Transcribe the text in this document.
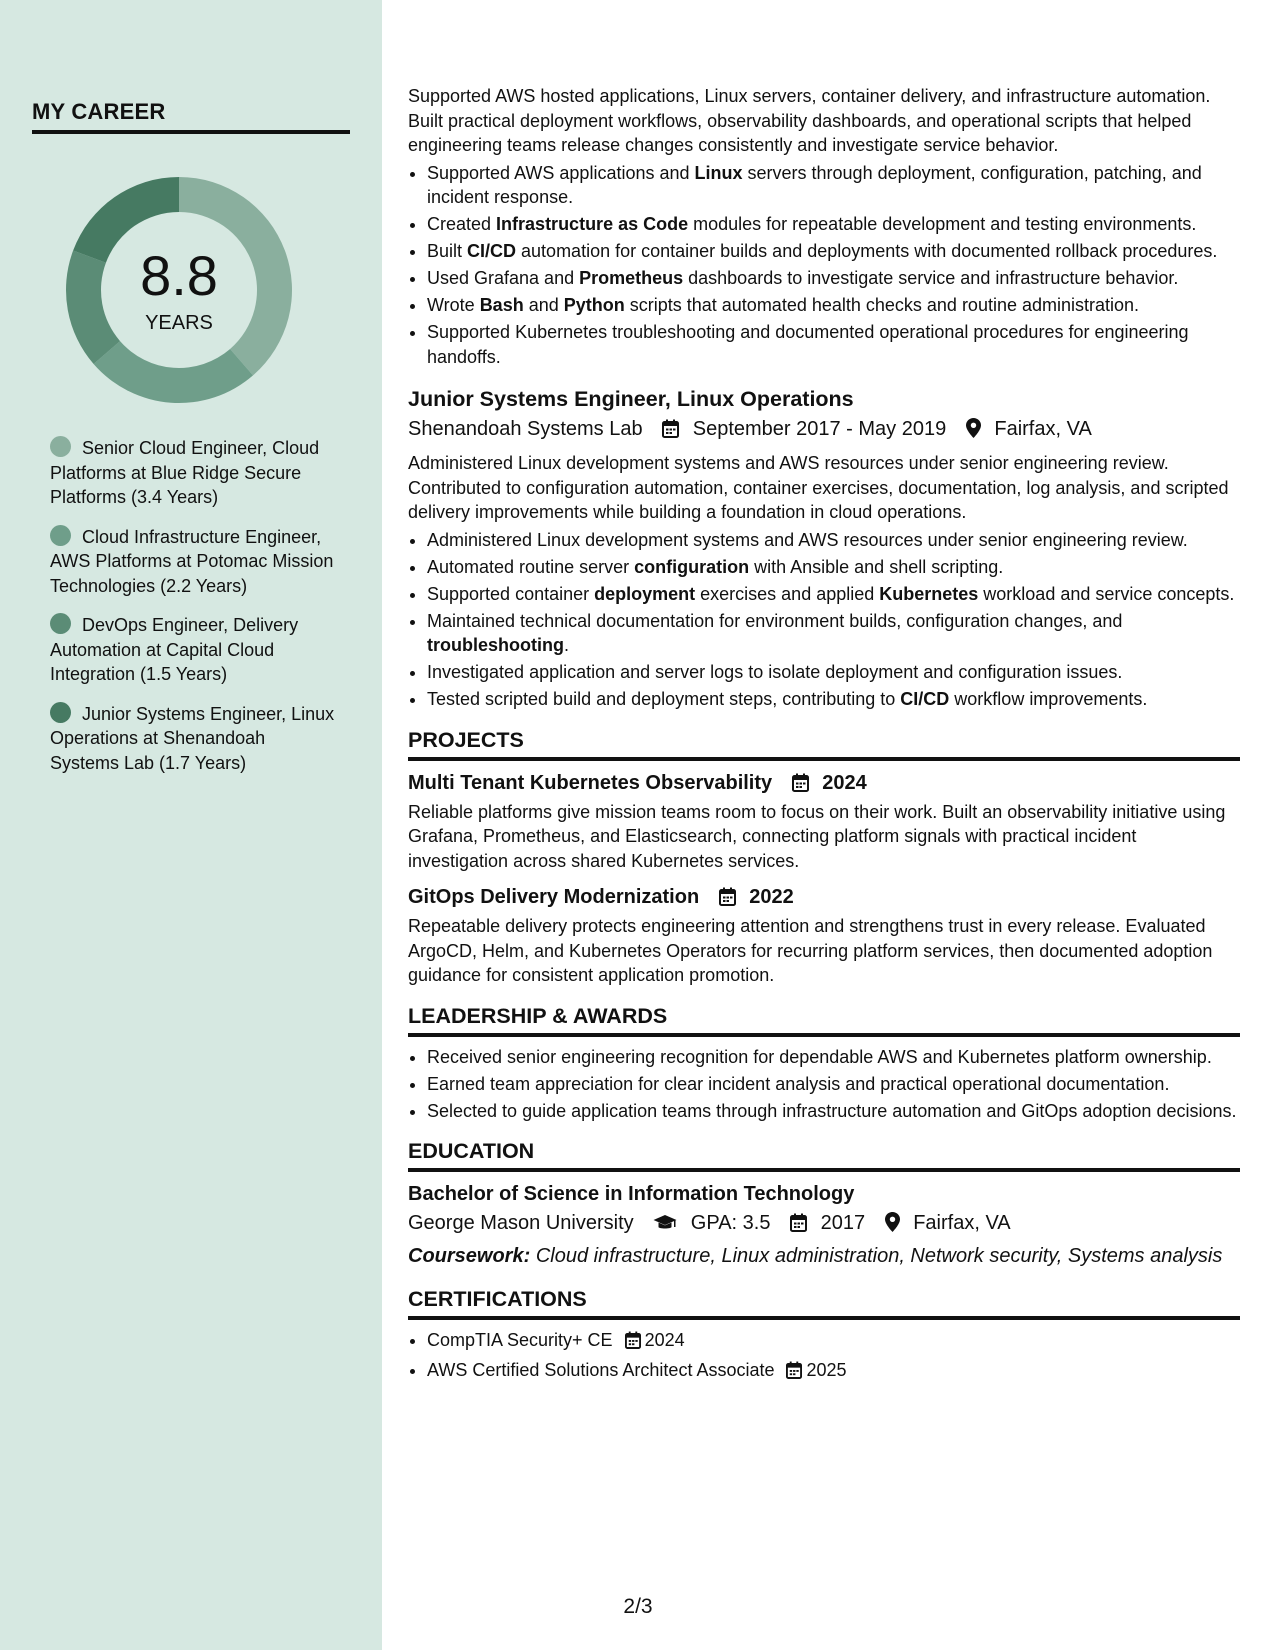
MY CAREER
8.8
YEARS
Senior Cloud Engineer, Cloud Platforms at Blue Ridge Secure Platforms (3.4 Years)
Cloud Infrastructure Engineer, AWS Platforms at Potomac Mission Technologies (2.2 Years)
DevOps Engineer, Delivery Automation at Capital Cloud Integration (1.5 Years)
Junior Systems Engineer, Linux Operations at Shenandoah Systems Lab (1.7 Years)

Supported AWS hosted applications, Linux servers, container delivery, and infrastructure automation. Built practical deployment workflows, observability dashboards, and operational scripts that helped engineering teams release changes consistently and investigate service behavior.

• Supported AWS applications and Linux servers through deployment, configuration, patching, and incident response.
• Created Infrastructure as Code modules for repeatable development and testing environments.
• Built CI/CD automation for container builds and deployments with documented rollback procedures.
• Used Grafana and Prometheus dashboards to investigate service and infrastructure behavior.
• Wrote Bash and Python scripts that automated health checks and routine administration.
• Supported Kubernetes troubleshooting and documented operational procedures for engineering handoffs.
Junior Systems Engineer, Linux Operations
Shenandoah Systems Lab	September 2017 - May 2019 Fairfax, VA

Administered Linux development systems and AWS resources under senior engineering review. Contributed to configuration automation, container exercises, documentation, log analysis, and scripted delivery improvements while building a foundation in cloud operations.

• Administered Linux development systems and AWS resources under senior engineering review.
• Automated routine server configuration with Ansible and shell scripting.
• Supported container deployment exercises and applied Kubernetes workload and service concepts.
• Maintained technical documentation for environment builds, configuration changes, and troubleshooting.
• Investigated application and server logs to isolate deployment and configuration issues.
• Tested scripted build and deployment steps, contributing to CI/CD workflow improvements.
PROJECTS
Multi Tenant Kubernetes Observability	2024

Reliable platforms give mission teams room to focus on their work. Built an observability initiative using Grafana, Prometheus, and Elasticsearch, connecting platform signals with practical incident investigation across shared Kubernetes services.

GitOps Delivery Modernization	2022

Repeatable delivery protects engineering attention and strengthens trust in every release. Evaluated ArgoCD, Helm, and Kubernetes Operators for recurring platform services, then documented adoption guidance for consistent application promotion.

LEADERSHIP & AWARDS
• Received senior engineering recognition for dependable AWS and Kubernetes platform ownership.
• Earned team appreciation for clear incident analysis and practical operational documentation.
• Selected to guide application teams through infrastructure automation and GitOps adoption decisions.
EDUCATION
Bachelor of Science in Information Technology
George Mason University	GPA: 3.5	2017 Fairfax, VA
Coursework: Cloud infrastructure, Linux administration, Network security, Systems analysis
CERTIFICATIONS
• CompTIA Security+ CE 2024
• AWS Certified Solutions Architect Associate 2025
2/3
